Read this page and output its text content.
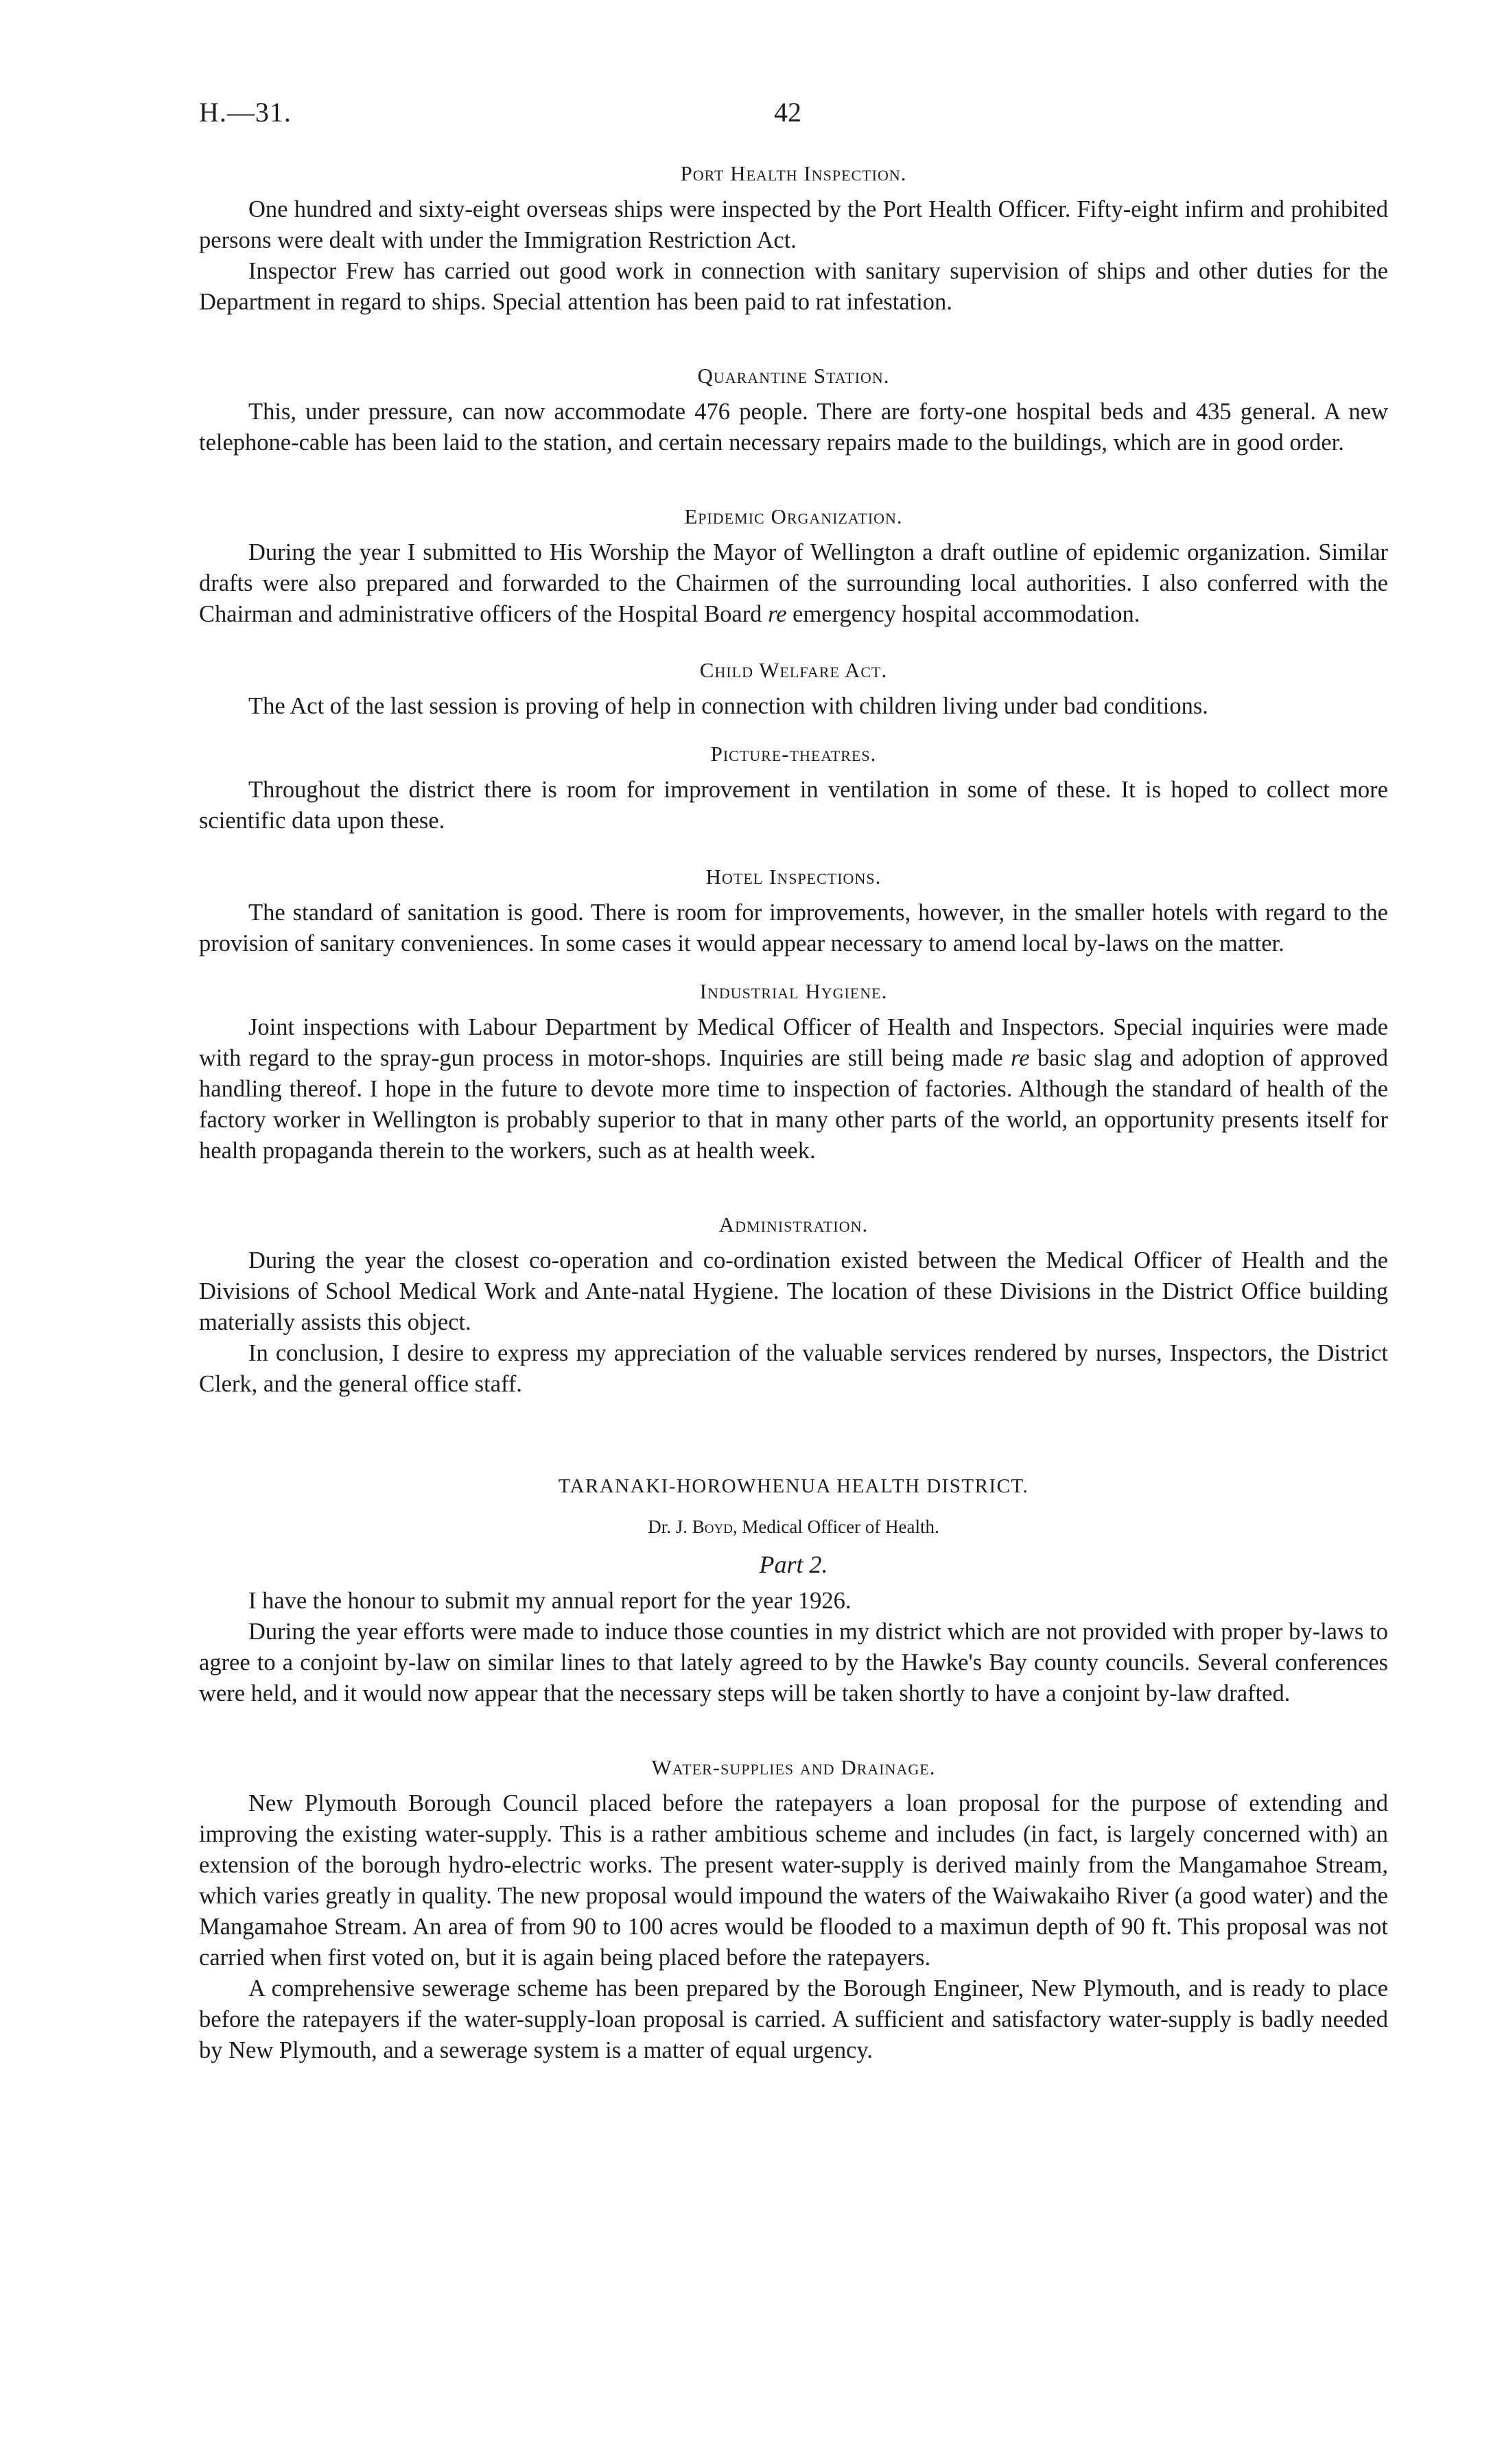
H.—31.	42
Port Health Inspection.

One hundred and sixty-eight overseas ships were inspected by the Port Health Officer. Fifty-eight infirm and prohibited persons were dealt with under the Immigration Restriction Act.

Inspector Frew has carried out good work in connection with sanitary supervision of ships and other duties for the Department in regard to ships. Special attention has been paid to rat infestation.

Quarantine Station.

This, under pressure, can now accommodate 476 people. There are forty-one hospital beds and 435 general. A new telephone-cable has been laid to the station, and certain necessary repairs made to the buildings, which are in good order.

Epidemic Organization.

During the year I submitted to His Worship the Mayor of Wellington a draft outline of epidemic organization. Similar drafts were also prepared and forwarded to the Chairmen of the surrounding local authorities. I also conferred with the Chairman and administrative officers of the Hospital Board re emergency hospital accommodation.

Child Welfare Act.

The Act of the last session is proving of help in connection with children living under bad conditions.

Picture-theatres.

Throughout the district there is room for improvement in ventilation in some of these. It is hoped to collect more scientific data upon these.

Hotel Inspections.

The standard of sanitation is good. There is room for improvements, however, in the smaller hotels with regard to the provision of sanitary conveniences. In some cases it would appear necessary to amend local by-laws on the matter.

Industrial Hygiene.

Joint inspections with Labour Department by Medical Officer of Health and Inspectors. Special inquiries were made with regard to the spray-gun process in motor-shops. Inquiries are still being made re basic slag and adoption of approved handling thereof. I hope in the future to devote more time to inspection of factories. Although the standard of health of the factory worker in Wellington is probably superior to that in many other parts of the world, an opportunity presents itself for health propaganda therein to the workers, such as at health week.

Administration.

During the year the closest co-operation and co-ordination existed between the Medical Officer of Health and the Divisions of School Medical Work and Ante-natal Hygiene. The location of these Divisions in the District Office building materially assists this object.

In conclusion, I desire to express my appreciation of the valuable services rendered by nurses, Inspectors, the District Clerk, and the general office staff.

TARANAKI-HOROWHENUA HEALTH DISTRICT.
Dr. J. Boyd, Medical Officer of Health.
Part 2.

I have the honour to submit my annual report for the year 1926.

During the year efforts were made to induce those counties in my district which are not provided with proper by-laws to agree to a conjoint by-law on similar lines to that lately agreed to by the Hawke's Bay county councils. Several conferences were held, and it would now appear that the necessary steps will be taken shortly to have a conjoint by-law drafted.

Water-supplies and Drainage.

New Plymouth Borough Council placed before the ratepayers a loan proposal for the purpose of extending and improving the existing water-supply. This is a rather ambitious scheme and includes (in fact, is largely concerned with) an extension of the borough hydro-electric works. The present water-supply is derived mainly from the Mangamahoe Stream, which varies greatly in quality. The new proposal would impound the waters of the Waiwakaiho River (a good water) and the Mangamahoe Stream. An area of from 90 to 100 acres would be flooded to a maximun depth of 90 ft. This proposal was not carried when first voted on, but it is again being placed before the ratepayers.

A comprehensive sewerage scheme has been prepared by the Borough Engineer, New Plymouth, and is ready to place before the ratepayers if the water-supply-loan proposal is carried. A sufficient and satisfactory water-supply is badly needed by New Plymouth, and a sewerage system is a matter of equal urgency.
